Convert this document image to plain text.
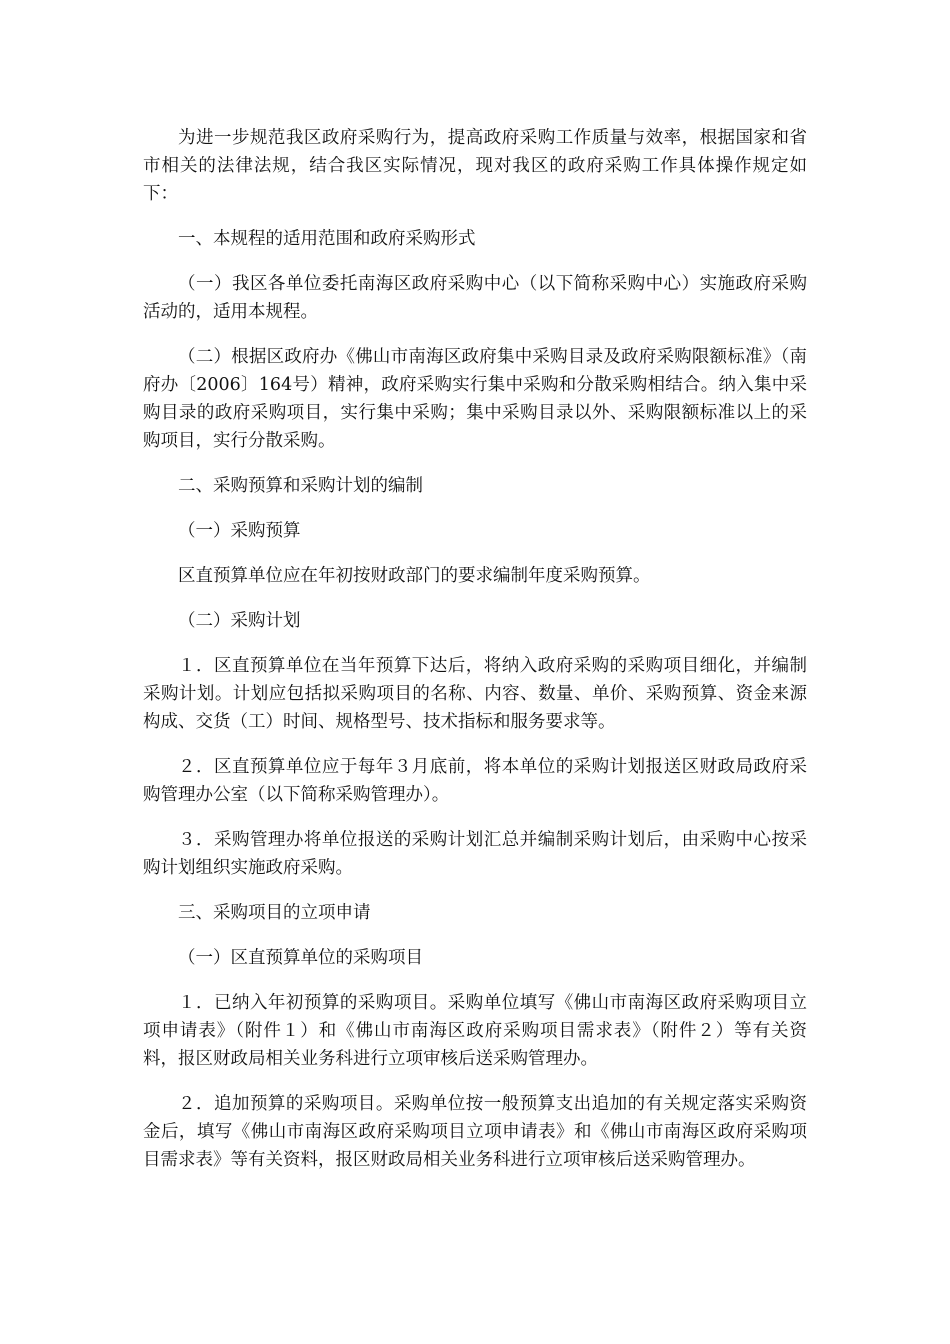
为进一步规范我区政府采购行为，提高政府采购工作质量与效率，根据国家和省市相关的法律法规，结合我区实际情况，现对我区的政府采购工作具体操作规定如下：

一、本规程的适用范围和政府采购形式

（一）我区各单位委托南海区政府采购中心（以下简称采购中心）实施政府采购活动的，适用本规程。

（二）根据区政府办《佛山市南海区政府集中采购目录及政府采购限额标准》（南府办〔2006〕164号）精神，政府采购实行集中采购和分散采购相结合。纳入集中采购目录的政府采购项目，实行集中采购；集中采购目录以外、采购限额标准以上的采购项目，实行分散采购。

二、采购预算和采购计划的编制

（一）采购预算

区直预算单位应在年初按财政部门的要求编制年度采购预算。

（二）采购计划

１．区直预算单位在当年预算下达后，将纳入政府采购的采购项目细化，并编制采购计划。计划应包括拟采购项目的名称、内容、数量、单价、采购预算、资金来源构成、交货（工）时间、规格型号、技术指标和服务要求等。

２．区直预算单位应于每年３月底前，将本单位的采购计划报送区财政局政府采购管理办公室（以下简称采购管理办）。

３．采购管理办将单位报送的采购计划汇总并编制采购计划后，由采购中心按采购计划组织实施政府采购。

三、采购项目的立项申请

（一）区直预算单位的采购项目

１．已纳入年初预算的采购项目。采购单位填写《佛山市南海区政府采购项目立项申请表》（附件１）和《佛山市南海区政府采购项目需求表》（附件２）等有关资料，报区财政局相关业务科进行立项审核后送采购管理办。

２．追加预算的采购项目。采购单位按一般预算支出追加的有关规定落实采购资金后，填写《佛山市南海区政府采购项目立项申请表》和《佛山市南海区政府采购项目需求表》等有关资料，报区财政局相关业务科进行立项审核后送采购管理办。
